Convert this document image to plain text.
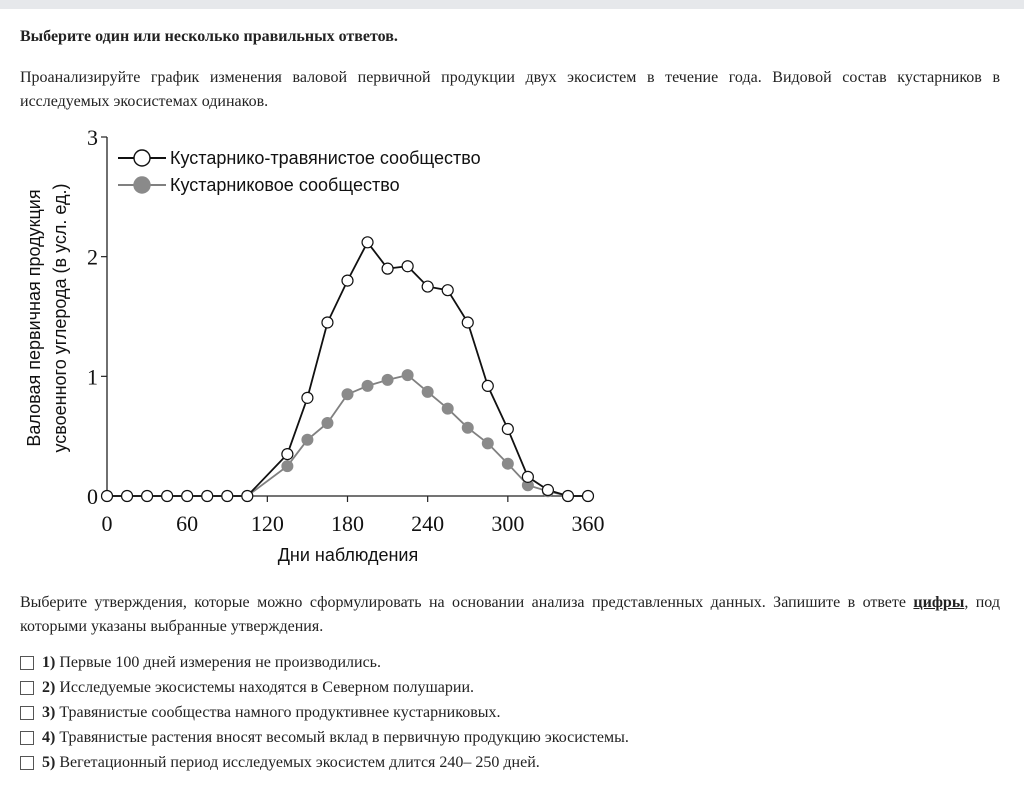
Выберите один или несколько правильных ответов.
Проанализируйте график изменения валовой первичной продукции двух экосистем в течение года. Видовой состав кустарников в исследуемых экосистемах одинаков.
0	60 120 180 240 300 360
0
1
2
3
Кустарнико-травянистое сообщество
Кустарниковое сообщество
Валовая первичная продукция усвоенного углерода (в усл. ед.)
Дни наблюдения
Выберите утверждения, которые можно сформулировать на основании анализа представленных данных. Запишите в ответе цифры, под которыми указаны выбранные утверждения.
1) Первые 100 дней измерения не производились.
2) Исследуемые экосистемы находятся в Северном полушарии.
3) Травянистые сообщества намного продуктивнее кустарниковых.
4) Травянистые растения вносят весомый вклад в первичную продукцию экосистемы.
5) Вегетационный период исследуемых экосистем длится 240– 250 дней.
